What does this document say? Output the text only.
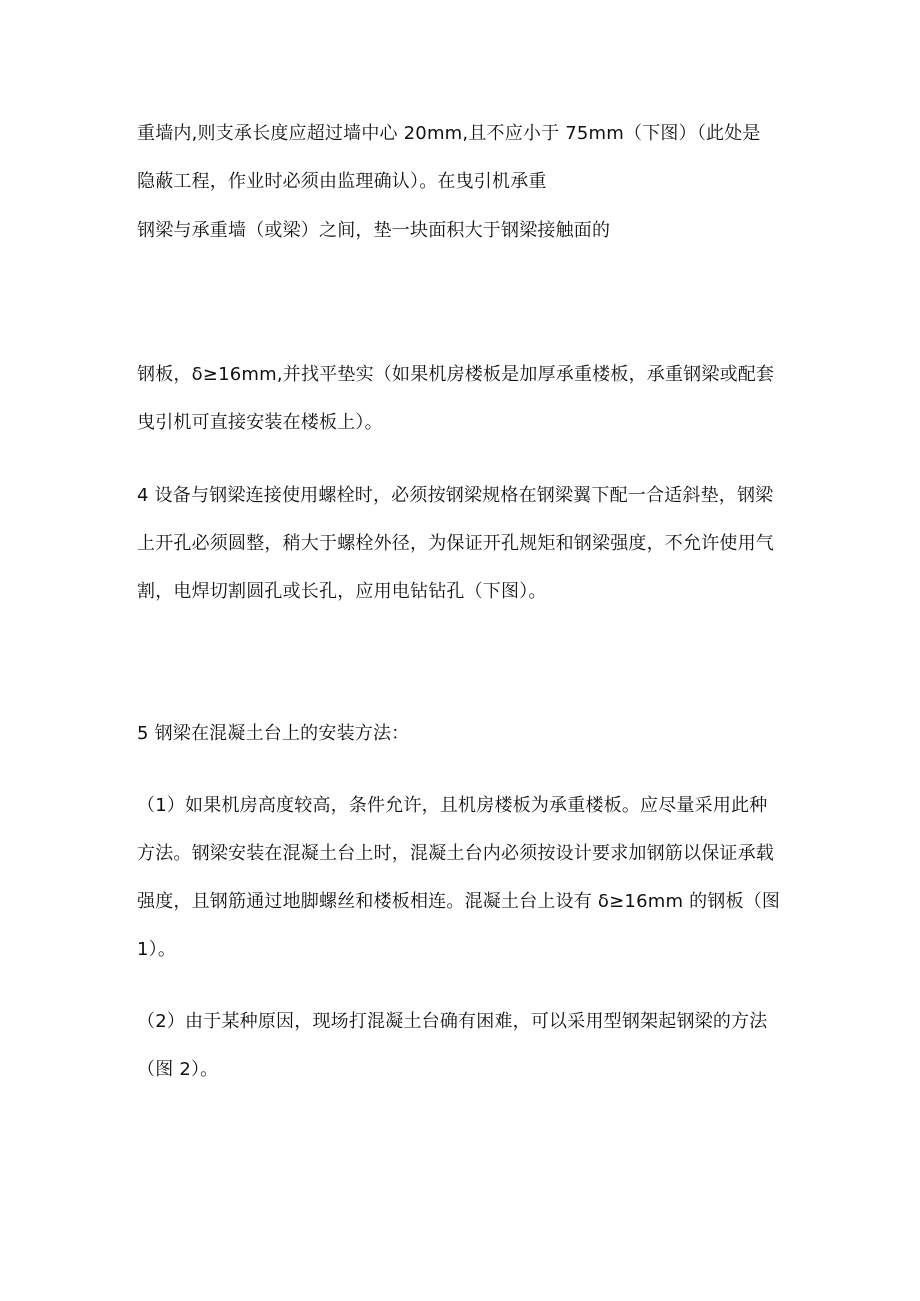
重墙内,则支承长度应超过墙中心 20mm,且不应小于 75mm（下图）（此处是
隐蔽工程，作业时必须由监理确认）。在曳引机承重
钢梁与承重墙（或梁）之间，垫一块面积大于钢梁接触面的
钢板，δ≥16mm,并找平垫实（如果机房楼板是加厚承重楼板，承重钢梁或配套
曳引机可直接安装在楼板上）。
4 设备与钢梁连接使用螺栓时，必须按钢梁规格在钢梁翼下配一合适斜垫，钢梁
上开孔必须圆整，稍大于螺栓外径，为保证开孔规矩和钢梁强度，不允许使用气
割，电焊切割圆孔或长孔，应用电钻钻孔（下图）。
5 钢梁在混凝土台上的安装方法：
（1）如果机房高度较高，条件允许，且机房楼板为承重楼板。应尽量采用此种
方法。钢梁安装在混凝土台上时，混凝土台内必须按设计要求加钢筋以保证承载
强度，且钢筋通过地脚螺丝和楼板相连。混凝土台上设有 δ≥16mm 的钢板（图
1）。
（2）由于某种原因，现场打混凝土台确有困难，可以采用型钢架起钢梁的方法
（图 2）。
